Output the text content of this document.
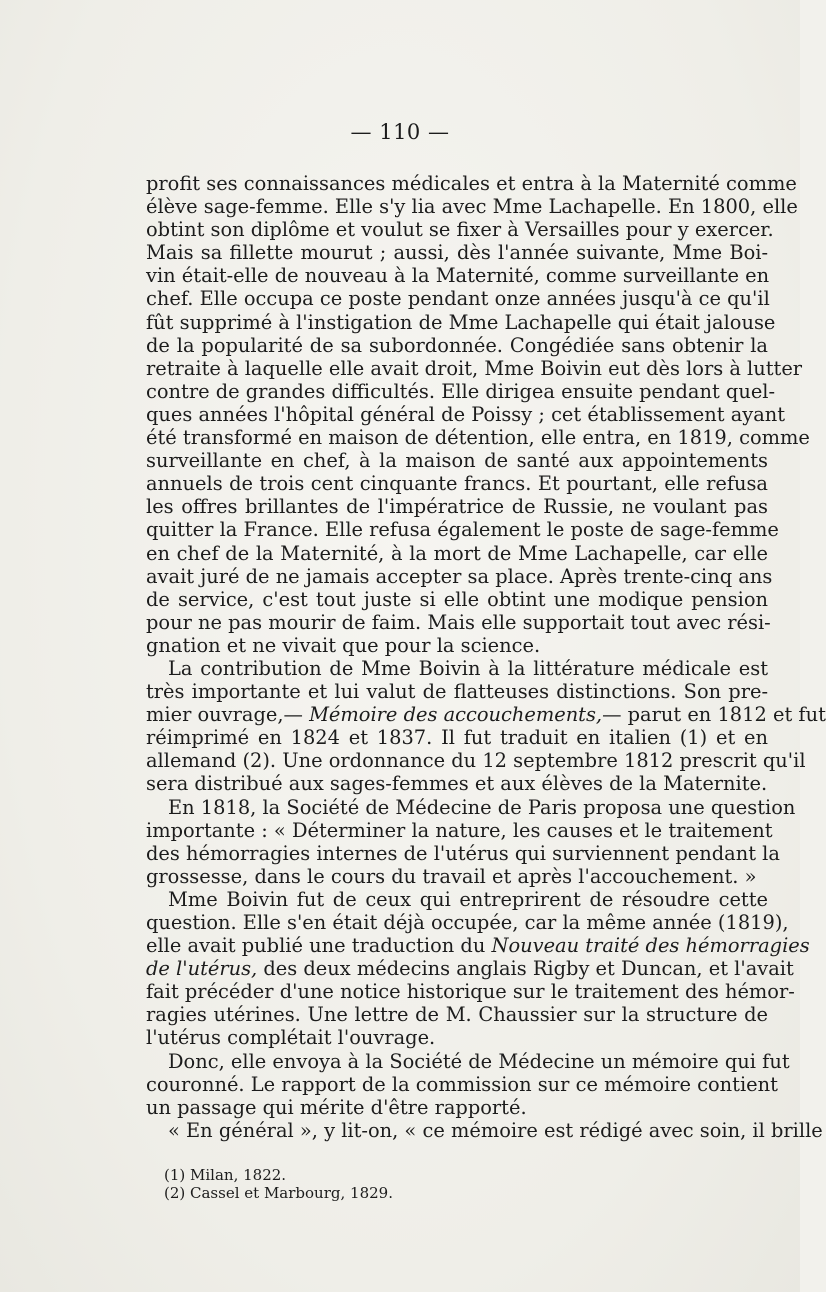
— 110 —
profit ses connaissances médicales et entra à la Maternité comme
élève sage-femme. Elle s'y lia avec Mme Lachapelle. En 1800, elle
obtint son diplôme et voulut se fixer à Versailles pour y exercer.
Mais sa fillette mourut ; aussi, dès l'année suivante, Mme Boi-
vin était-elle de nouveau à la Maternité, comme surveillante en
chef. Elle occupa ce poste pendant onze années jusqu'à ce qu'il
fût supprimé à l'instigation de Mme Lachapelle qui était jalouse
de la popularité de sa subordonnée. Congédiée sans obtenir la
retraite à laquelle elle avait droit, Mme Boivin eut dès lors à lutter
contre de grandes difficultés. Elle dirigea ensuite pendant quel-
ques années l'hôpital général de Poissy ; cet établissement ayant
été transformé en maison de détention, elle entra, en 1819, comme
surveillante en chef, à la maison de santé aux appointements
annuels de trois cent cinquante francs. Et pourtant, elle refusa
les offres brillantes de l'impératrice de Russie, ne voulant pas
quitter la France. Elle refusa également le poste de sage-femme
en chef de la Maternité, à la mort de Mme Lachapelle, car elle
avait juré de ne jamais accepter sa place. Après trente-cinq ans
de service, c'est tout juste si elle obtint une modique pension
pour ne pas mourir de faim. Mais elle supportait tout avec rési-
gnation et ne vivait que pour la science.
La contribution de Mme Boivin à la littérature médicale est
très importante et lui valut de flatteuses distinctions. Son pre-
mier ouvrage,— Mémoire des accouchements,— parut en 1812 et fut
réimprimé en 1824 et 1837. Il fut traduit en italien (1) et en
allemand (2). Une ordonnance du 12 septembre 1812 prescrit qu'il
sera distribué aux sages-femmes et aux élèves de la Maternite.
En 1818, la Société de Médecine de Paris proposa une question
importante : « Déterminer la nature, les causes et le traitement
des hémorragies internes de l'utérus qui surviennent pendant la
grossesse, dans le cours du travail et après l'accouchement. »
Mme Boivin fut de ceux qui entreprirent de résoudre cette
question. Elle s'en était déjà occupée, car la même année (1819),
elle avait publié une traduction du Nouveau traité des hémorragies
de l'utérus, des deux médecins anglais Rigby et Duncan, et l'avait
fait précéder d'une notice historique sur le traitement des hémor-
ragies utérines. Une lettre de M. Chaussier sur la structure de
l'utérus complétait l'ouvrage.
Donc, elle envoya à la Société de Médecine un mémoire qui fut
couronné. Le rapport de la commission sur ce mémoire contient
un passage qui mérite d'être rapporté.
« En général », y lit-on, « ce mémoire est rédigé avec soin, il brille
(1) Milan, 1822.
(2) Cassel et Marbourg, 1829.
